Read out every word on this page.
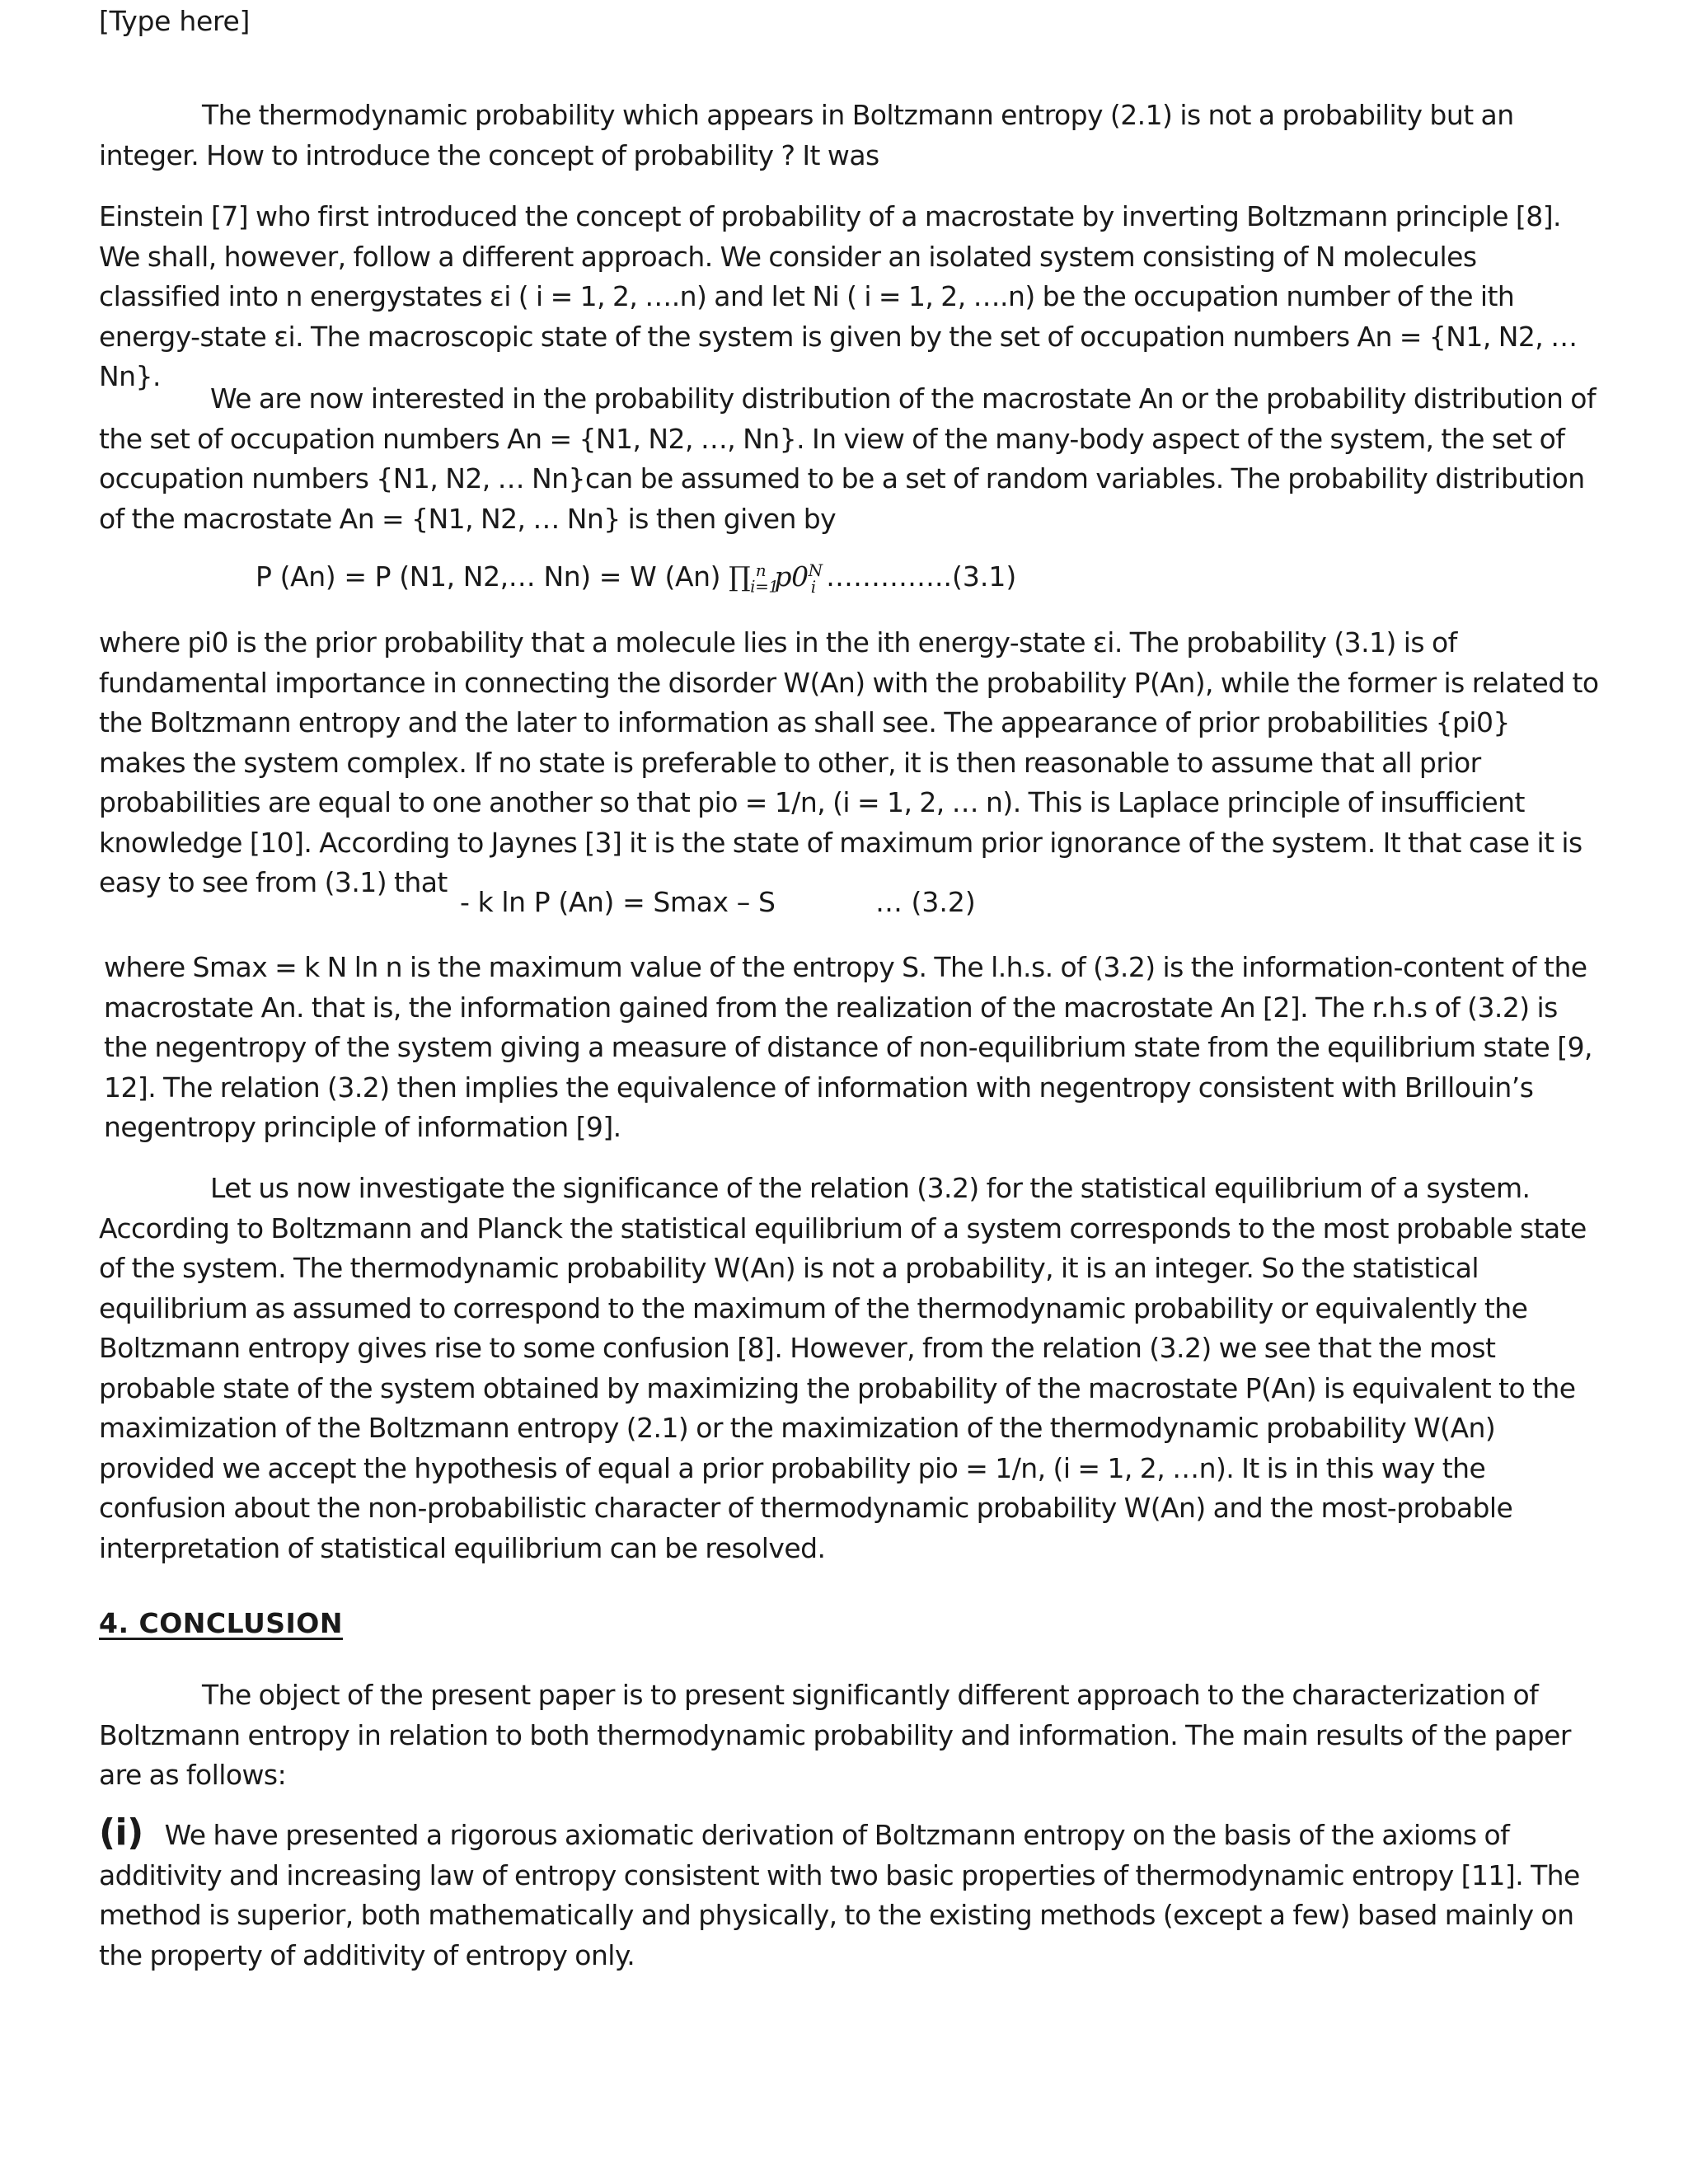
[Type here]

The thermodynamic probability which appears in Boltzmann entropy (2.1) is not a probability but an integer. How to introduce the concept of probability ? It was

Einstein [7] who first introduced the concept of probability of a macrostate by inverting Boltzmann principle [8]. We shall, however, follow a different approach. We consider an isolated system consisting of N molecules classified into n energystates εi ( i = 1, 2, ….n) and let Ni ( i = 1, 2, ….n) be the occupation number of the ith energy-state εi. The macroscopic state of the system is given by the set of occupation numbers An = {N1, N2, … Nn}.

We are now interested in the probability distribution of the macrostate An or the probability distribution of the set of occupation numbers An = {N1, N2, …, Nn}. In view of the many-body aspect of the system, the set of occupation numbers {N1, N2, … Nn}can be assumed to be a set of random variables. The probability distribution of the macrostate An = {N1, N2, … Nn} is then given by

P (An) = P (N1, N2,… Nn) = W (An) $\prod_{i=1}^n$ $p0^N_i$ …………..(3.1)

where pi0 is the prior probability that a molecule lies in the ith energy-state εi. The probability (3.1) is of fundamental importance in connecting the disorder W(An) with the probability P(An), while the former is related to the Boltzmann entropy and the later to information as shall see. The appearance of prior probabilities {pi0} makes the system complex. If no state is preferable to other, it is then reasonable to assume that all prior probabilities are equal to one another so that pio = 1/n, (i = 1, 2, … n). This is Laplace principle of insufficient knowledge [10]. According to Jaynes [3] it is the state of maximum prior ignorance of the system. It that case it is easy to see from (3.1) that

- k ln P (An) = Smax – S	… (3.2)

where Smax = k N ln n is the maximum value of the entropy S. The l.h.s. of (3.2) is the information-content of the macrostate An. that is, the information gained from the realization of the macrostate An [2]. The r.h.s of (3.2) is the negentropy of the system giving a measure of distance of non-equilibrium state from the equilibrium state [9, 12]. The relation (3.2) then implies the equivalence of information with negentropy consistent with Brillouin’s negentropy principle of information [9].

Let us now investigate the significance of the relation (3.2) for the statistical equilibrium of a system. According to Boltzmann and Planck the statistical equilibrium of a system corresponds to the most probable state of the system. The thermodynamic probability W(An) is not a probability, it is an integer. So the statistical equilibrium as assumed to correspond to the maximum of the thermodynamic probability or equivalently the Boltzmann entropy gives rise to some confusion [8]. However, from the relation (3.2) we see that the most probable state of the system obtained by maximizing the probability of the macrostate P(An) is equivalent to the maximization of the Boltzmann entropy (2.1) or the maximization of the thermodynamic probability W(An) provided we accept the hypothesis of equal a prior probability pio = 1/n, (i = 1, 2, …n). It is in this way the confusion about the non-probabilistic character of thermodynamic probability W(An) and the most-probable interpretation of statistical equilibrium can be resolved.

4. CONCLUSION

The object of the present paper is to present significantly different approach to the characterization of Boltzmann entropy in relation to both thermodynamic probability and information. The main results of the paper are as follows:

(i) We have presented a rigorous axiomatic derivation of Boltzmann entropy on the basis of the axioms of additivity and increasing law of entropy consistent with two basic properties of thermodynamic entropy [11]. The method is superior, both mathematically and physically, to the existing methods (except a few) based mainly on the property of additivity of entropy only.
